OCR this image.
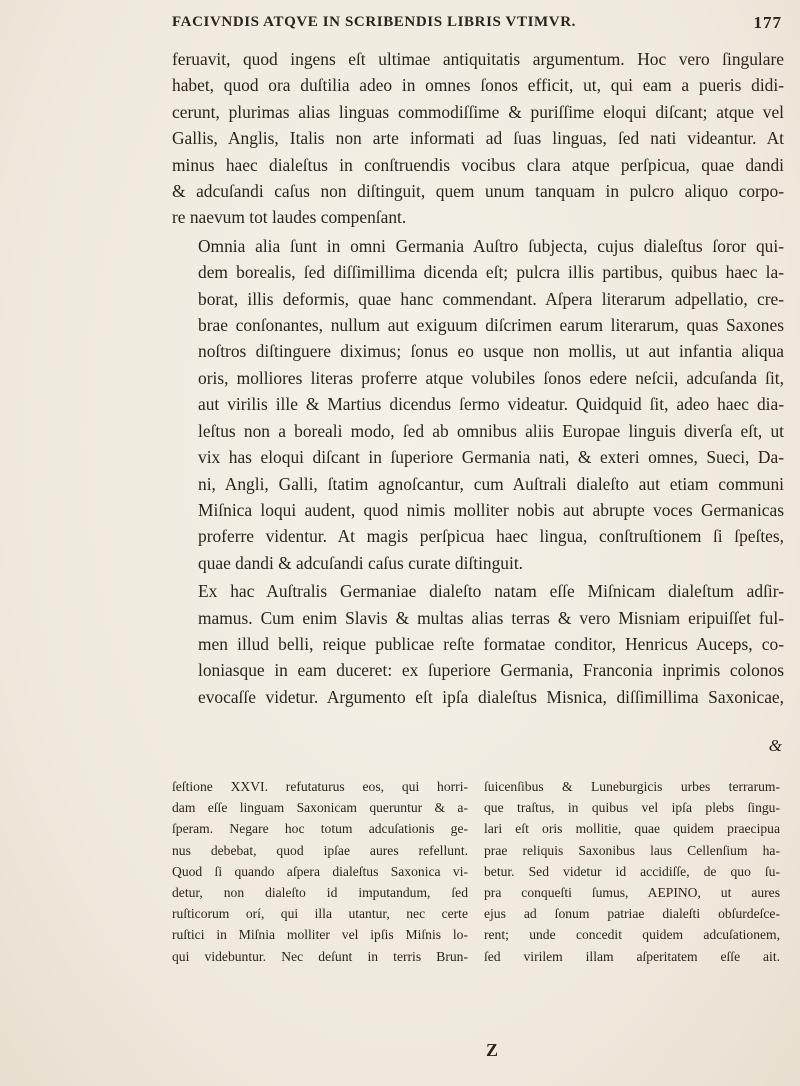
FACIVNDIS ATQVE IN SCRIBENDIS LIBRIS VTIMVR.	177

feruavit, quod ingens eſt ultimae antiquitatis argumentum. Hoc vero ſingulare
habet, quod ora duſtilia adeo in omnes ſonos efficit, ut, qui eam a pueris didi-
cerunt, plurimas alias linguas commodiſſime & puriſſime eloqui diſcant; atque vel
Gallis, Anglis, Italis non arte informati ad ſuas linguas, ſed nati videantur. At
minus haec dialeſtus in conſtruendis vocibus clara atque perſpicua, quae dandi
& adcuſandi caſus non diſtinguit, quem unum tanquam in pulcro aliquo corpo-
re naevum tot laudes compenſant.

Omnia alia ſunt in omni Germania Auſtro ſubjecta, cujus dialeſtus ſoror qui-
dem borealis, ſed diſſimillima dicenda eſt; pulcra illis partibus, quibus haec la-
borat, illis deformis, quae hanc commendant. Aſpera literarum adpellatio, cre-
brae conſonantes, nullum aut exiguum diſcrimen earum literarum, quas Saxones
noſtros diſtinguere diximus; ſonus eo usque non mollis, ut aut infantia aliqua
oris, molliores literas proferre atque volubiles ſonos edere neſcii, adcuſanda ſit,
aut virilis ille & Martius dicendus ſermo videatur. Quidquid ſit, adeo haec dia-
leſtus non a boreali modo, ſed ab omnibus aliis Europae linguis diverſa eſt, ut
vix has eloqui diſcant in ſuperiore Germania nati, & exteri omnes, Sueci, Da-
ni, Angli, Galli, ſtatim agnoſcantur, cum Auſtrali dialeſto aut etiam communi
Miſnica loqui audent, quod nimis molliter nobis aut abrupte voces Germanicas
proferre videntur. At magis perſpicua haec lingua, conſtruſtionem ſi ſpeſtes,
quae dandi & adcuſandi caſus curate diſtinguit.

Ex hac Auſtralis Germaniae dialeſto natam eſſe Miſnicam dialeſtum adſir-
mamus. Cum enim Slavis & multas alias terras & vero Misniam eripuiſſet ful-
men illud belli, reique publicae reſte formatae conditor, Henricus Auceps, co-
loniasque in eam duceret: ex ſuperiore Germania, Franconia inprimis colonos
evocaſſe videtur. Argumento eſt ipſa dialeſtus Misnica, diſſimillima Saxonicae,

&
ſeſtione XXVI. refutaturus eos, qui horri-
dam eſſe linguam Saxonicam queruntur & a-
ſperam. Negare hoc totum adcuſationis ge-
nus debebat, quod ipſae aures refellunt.
Quod ſi quando aſpera dialeſtus Saxonica vi-
detur, non dialeſto id imputandum, ſed
ruſticorum orí, qui illa utantur, nec certe
ruſtici in Miſnia molliter vel ipſis Miſnis lo-
qui videbuntur. Nec deſunt in terris Brun-
ſuicenſibus & Luneburgicis urbes terrarum-
que traſtus, in quibus vel ipſa plebs ſingu-
lari eſt oris mollitie, quae quidem praecipua
prae reliquis Saxonibus laus Cellenſium ha-
betur. Sed videtur id accidiſſe, de quo ſu-
pra conqueſti ſumus, AEPINO, ut aures
ejus ad ſonum patriae dialeſti obſurdeſce-
rent; unde concedit quidem adcuſationem,
ſed virilem illam aſperitatem eſſe ait.
Z
